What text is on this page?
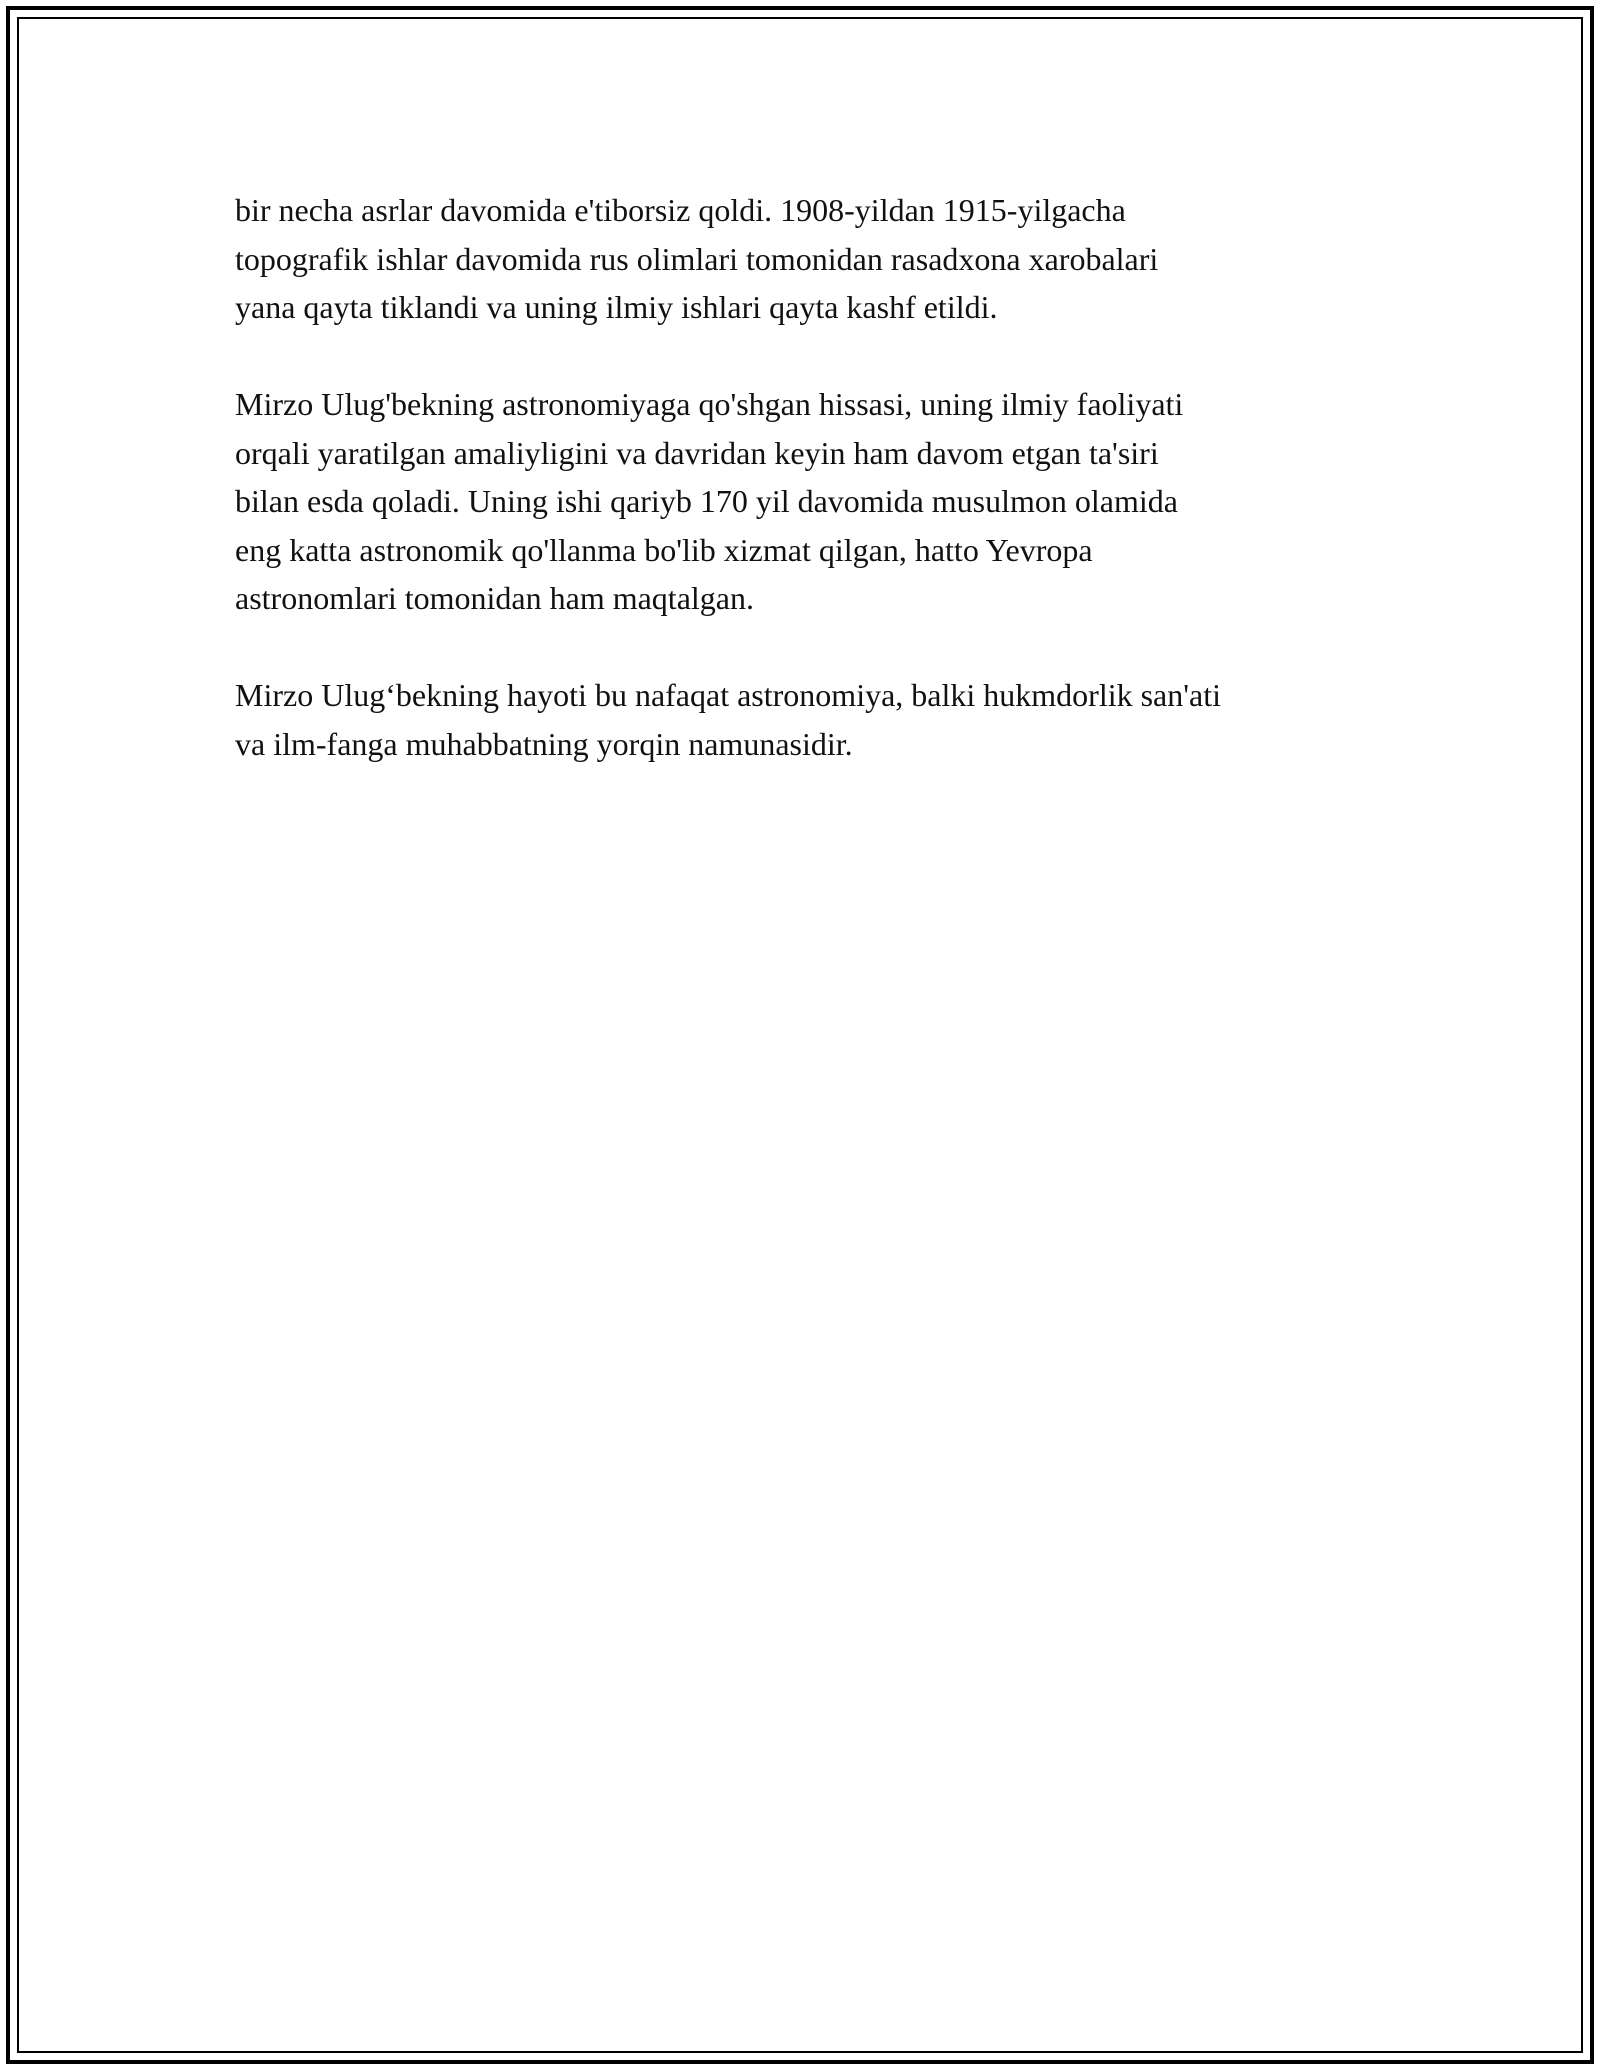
bir necha asrlar davomida e'tiborsiz qoldi. 1908-yildan 1915-yilgacha
topografik ishlar davomida rus olimlari tomonidan rasadxona xarobalari
yana qayta tiklandi va uning ilmiy ishlari qayta kashf etildi.

Mirzo Ulug'bekning astronomiyaga qo'shgan hissasi, uning ilmiy faoliyati
orqali yaratilgan amaliyligini va davridan keyin ham davom etgan ta'siri
bilan esda qoladi. Uning ishi qariyb 170 yil davomida musulmon olamida
eng katta astronomik qo'llanma bo'lib xizmat qilgan, hatto Yevropa
astronomlari tomonidan ham maqtalgan.

Mirzo Ulug‘bekning hayoti bu nafaqat astronomiya, balki hukmdorlik san'ati
va ilm-fanga muhabbatning yorqin namunasidir.
